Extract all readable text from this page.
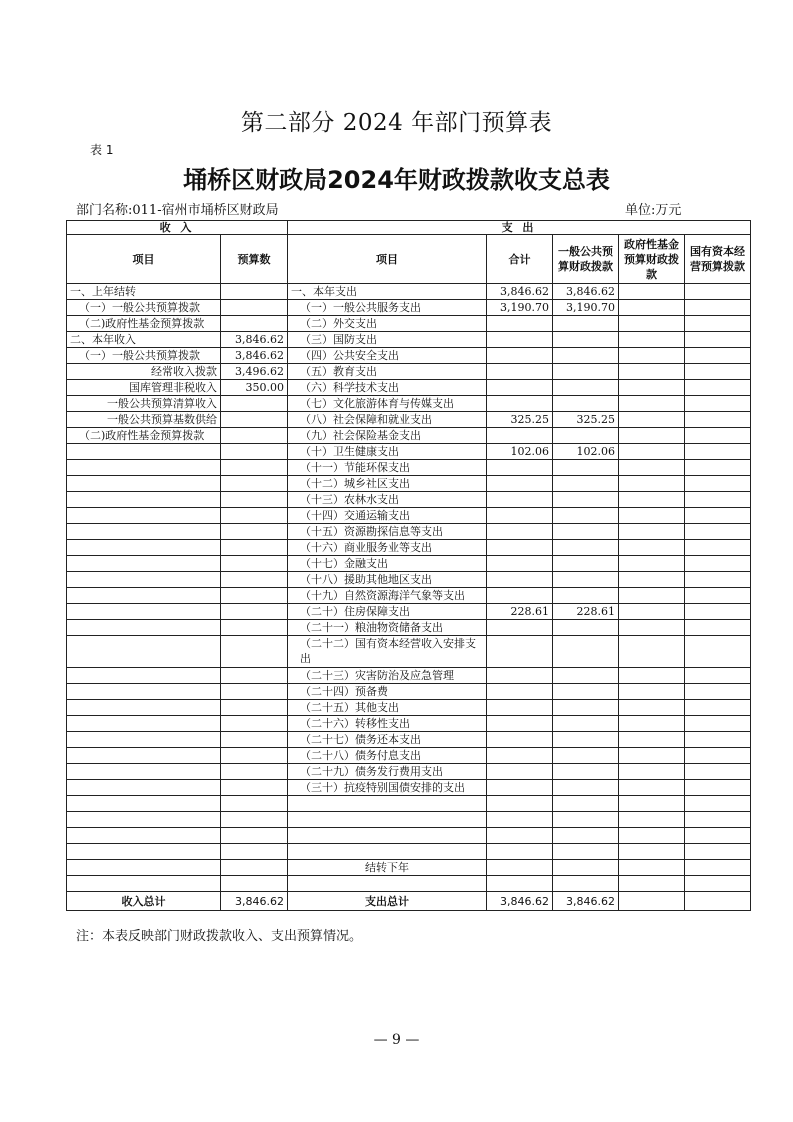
第二部分 2024 年部门预算表
表 1
埇桥区财政局2024年财政拨款收支总表
部门名称:011-宿州市埇桥区财政局	单位:万元
收 入		支 出				
项目	预算数	项目	合计	一般公共预算财政拨款	政府性基金预算财政拨款	国有资本经营预算拨款
一、上年结转		一、本年支出	3,846.62	3,846.62		
（一）一般公共预算拨款		（一）一般公共服务支出	3,190.70	3,190.70		
（二)政府性基金预算拨款		（二）外交支出				
二、本年收入	3,846.62	（三）国防支出				
（一）一般公共预算拨款	3,846.62	（四）公共安全支出				
经常收入拨款	3,496.62	（五）教育支出				
国库管理非税收入	350.00	（六）科学技术支出				
一般公共预算清算收入		（七）文化旅游体育与传媒支出				
一般公共预算基数供给		（八）社会保障和就业支出	325.25	325.25		
（二)政府性基金预算拨款		（九）社会保险基金支出				
		（十）卫生健康支出	102.06	102.06		
		（十一）节能环保支出				
		（十二）城乡社区支出				
		（十三）农林水支出				
		（十四）交通运输支出				
		（十五）资源勘探信息等支出				
		（十六）商业服务业等支出				
		（十七）金融支出				
		（十八）援助其他地区支出				
		（十九）自然资源海洋气象等支出				
		（二十）住房保障支出	228.61	228.61		
		（二十一）粮油物资储备支出				
		（二十二）国有资本经营收入安排支出				
		（二十三）灾害防治及应急管理				
		（二十四）预备费				
		（二十五）其他支出				
		（二十六）转移性支出				
		（二十七）债务还本支出				
		（二十八）债务付息支出				
		（二十九）债务发行费用支出				
		（三十）抗疫特别国债安排的支出				

		结转下年				

收入总计	3,846.62	支出总计	3,846.62	3,846.62		
注：本表反映部门财政拨款收入、支出预算情况。
— 9 —
